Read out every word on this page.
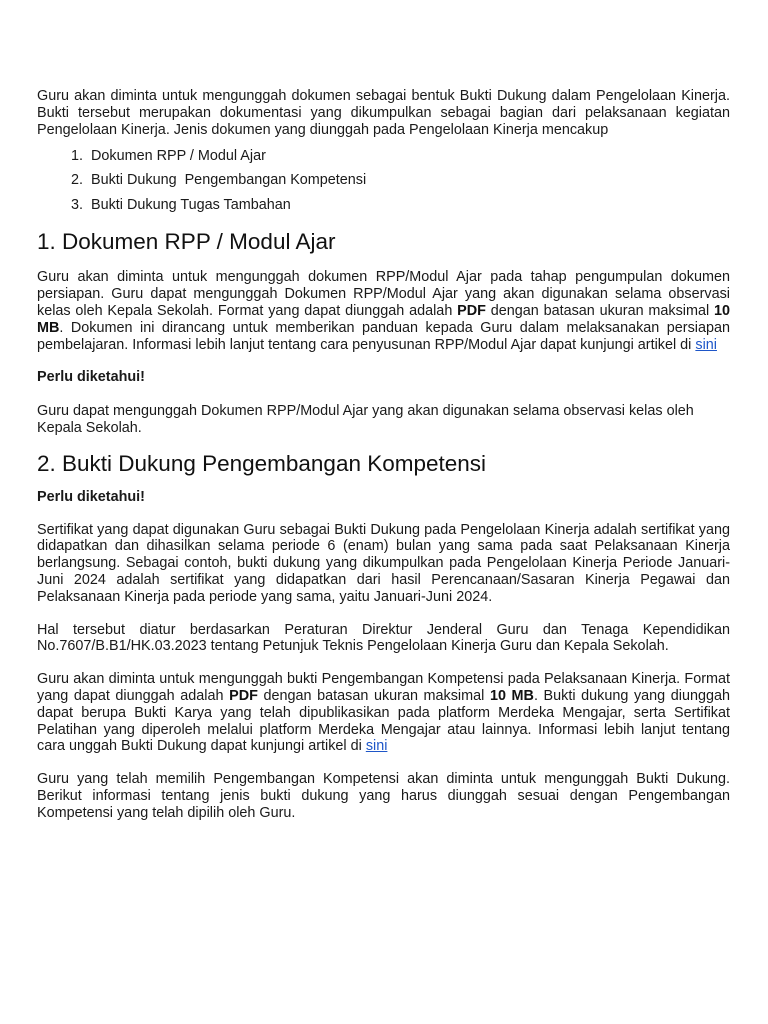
Guru akan diminta untuk mengunggah dokumen sebagai bentuk Bukti Dukung dalam Pengelolaan Kinerja. Bukti tersebut merupakan dokumentasi yang dikumpulkan sebagai bagian dari pelaksanaan kegiatan Pengelolaan Kinerja. Jenis dokumen yang diunggah pada Pengelolaan Kinerja mencakup

1. Dokumen RPP / Modul Ajar
2. Bukti Dukung  Pengembangan Kompetensi
3. Bukti Dukung Tugas Tambahan
1. Dokumen RPP / Modul Ajar

Guru akan diminta untuk mengunggah dokumen RPP/Modul Ajar pada tahap pengumpulan dokumen persiapan. Guru dapat mengunggah Dokumen RPP/Modul Ajar yang akan digunakan selama observasi kelas oleh Kepala Sekolah. Format yang dapat diunggah adalah PDF dengan batasan ukuran maksimal 10 MB. Dokumen ini dirancang untuk memberikan panduan kepada Guru dalam melaksanakan persiapan pembelajaran. Informasi lebih lanjut tentang cara penyusunan RPP/Modul Ajar dapat kunjungi artikel di sini

Perlu diketahui!

Guru dapat mengunggah Dokumen RPP/Modul Ajar yang akan digunakan selama observasi kelas oleh Kepala Sekolah.

2. Bukti Dukung Pengembangan Kompetensi

Perlu diketahui!

Sertifikat yang dapat digunakan Guru sebagai Bukti Dukung pada Pengelolaan Kinerja adalah sertifikat yang didapatkan dan dihasilkan selama periode 6 (enam) bulan yang sama pada saat Pelaksanaan Kinerja berlangsung. Sebagai contoh, bukti dukung yang dikumpulkan pada Pengelolaan Kinerja Periode Januari-Juni 2024 adalah sertifikat yang didapatkan dari hasil Perencanaan/Sasaran Kinerja Pegawai dan Pelaksanaan Kinerja pada periode yang sama, yaitu Januari-Juni 2024.

Hal tersebut diatur berdasarkan Peraturan Direktur Jenderal Guru dan Tenaga Kependidikan No.7607/B.B1/HK.03.2023 tentang Petunjuk Teknis Pengelolaan Kinerja Guru dan Kepala Sekolah.

Guru akan diminta untuk mengunggah bukti Pengembangan Kompetensi pada Pelaksanaan Kinerja. Format yang dapat diunggah adalah PDF dengan batasan ukuran maksimal 10 MB. Bukti dukung yang diunggah dapat berupa Bukti Karya yang telah dipublikasikan pada platform Merdeka Mengajar, serta Sertifikat Pelatihan yang diperoleh melalui platform Merdeka Mengajar atau lainnya. Informasi lebih lanjut tentang cara unggah Bukti Dukung dapat kunjungi artikel di sini

Guru yang telah memilih Pengembangan Kompetensi akan diminta untuk mengunggah Bukti Dukung. Berikut informasi tentang jenis bukti dukung yang harus diunggah sesuai dengan Pengembangan Kompetensi yang telah dipilih oleh Guru.
